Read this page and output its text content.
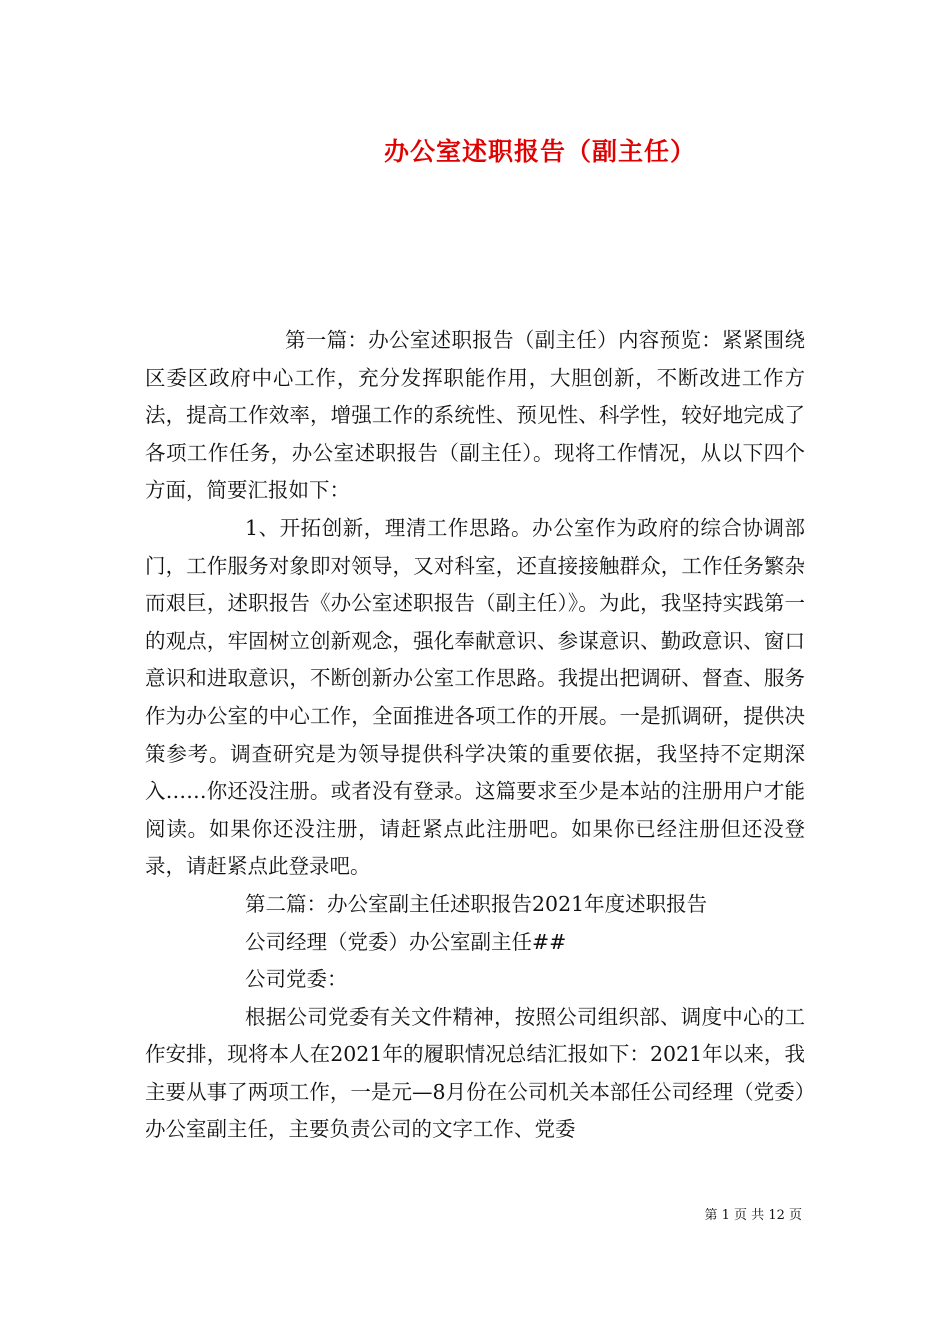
办公室述职报告（副主任）

第一篇：办公室述职报告（副主任）内容预览：紧紧围绕区委区政府中心工作，充分发挥职能作用，大胆创新，不断改进工作方法，提高工作效率，增强工作的系统性、预见性、科学性，较好地完成了各项工作任务，办公室述职报告（副主任）。现将工作情况，从以下四个方面，简要汇报如下：

1、开拓创新，理清工作思路。办公室作为政府的综合协调部门，工作服务对象即对领导，又对科室，还直接接触群众，工作任务繁杂而艰巨，述职报告《办公室述职报告（副主任）》。为此，我坚持实践第一的观点，牢固树立创新观念，强化奉献意识、参谋意识、勤政意识、窗口意识和进取意识，不断创新办公室工作思路。我提出把调研、督查、服务作为办公室的中心工作，全面推进各项工作的开展。一是抓调研，提供决策参考。调查研究是为领导提供科学决策的重要依据，我坚持不定期深入……你还没注册。或者没有登录。这篇要求至少是本站的注册用户才能阅读。如果你还没注册，请赶紧点此注册吧。如果你已经注册但还没登录，请赶紧点此登录吧。

第二篇：办公室副主任述职报告2021年度述职报告

公司经理（党委）办公室副主任##

公司党委：

根据公司党委有关文件精神，按照公司组织部、调度中心的工作安排，现将本人在2021年的履职情况总结汇报如下：2021年以来，我主要从事了两项工作，一是元—8月份在公司机关本部任公司经理（党委）办公室副主任，主要负责公司的文字工作、党委

第 1 页 共 12 页
